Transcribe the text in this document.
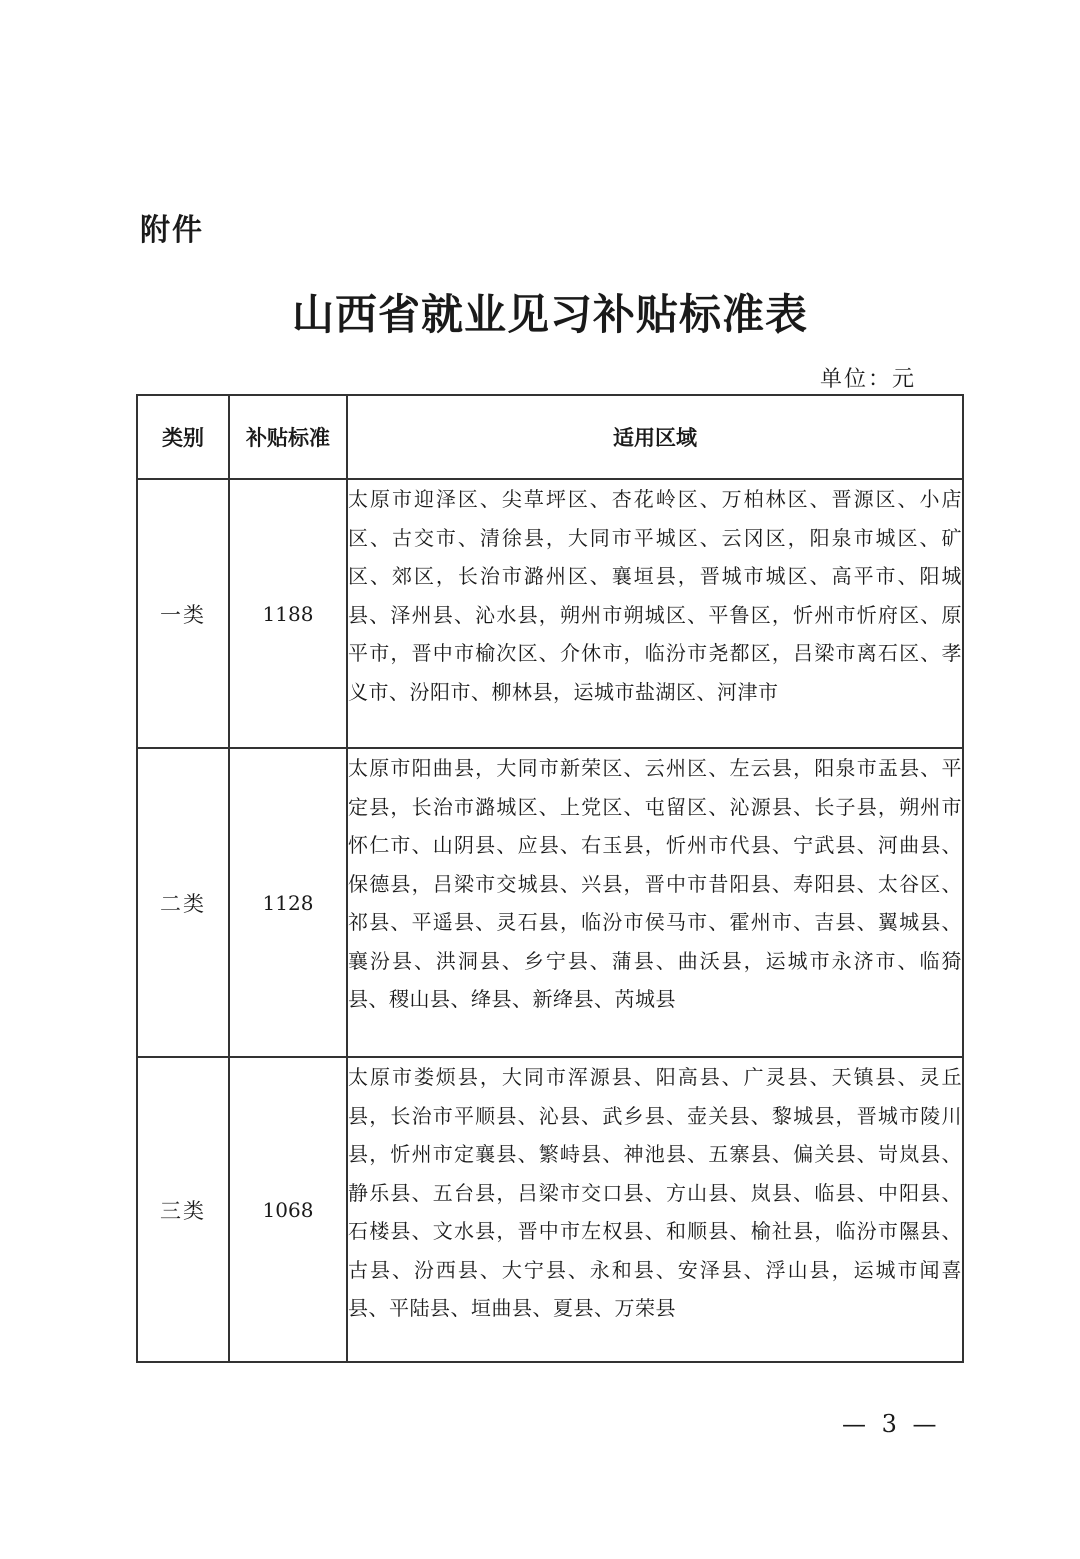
附件
山西省就业见习补贴标准表
单位：元
类别	补贴标准	适用区域
一类	1188	太原市迎泽区、尖草坪区、杏花岭区、万柏林区、晋源区、小店区、古交市、清徐县，大同市平城区、云冈区，阳泉市城区、矿区、郊区，长治市潞州区、襄垣县，晋城市城区、高平市、阳城县、泽州县、沁水县，朔州市朔城区、平鲁区，忻州市忻府区、原平市，晋中市榆次区、介休市，临汾市尧都区，吕梁市离石区、孝义市、汾阳市、柳林县，运城市盐湖区、河津市
二类	1128	太原市阳曲县，大同市新荣区、云州区、左云县，阳泉市盂县、平定县，长治市潞城区、上党区、屯留区、沁源县、长子县，朔州市怀仁市、山阴县、应县、右玉县，忻州市代县、宁武县、河曲县、保德县，吕梁市交城县、兴县，晋中市昔阳县、寿阳县、太谷区、祁县、平遥县、灵石县，临汾市侯马市、霍州市、吉县、翼城县、襄汾县、洪洞县、乡宁县、蒲县、曲沃县，运城市永济市、临猗县、稷山县、绛县、新绛县、芮城县
三类	1068	太原市娄烦县，大同市浑源县、阳高县、广灵县、天镇县、灵丘县，长治市平顺县、沁县、武乡县、壶关县、黎城县，晋城市陵川县，忻州市定襄县、繁峙县、神池县、五寨县、偏关县、岢岚县、静乐县、五台县，吕梁市交口县、方山县、岚县、临县、中阳县、石楼县、文水县，晋中市左权县、和顺县、榆社县，临汾市隰县、古县、汾西县、大宁县、永和县、安泽县、浮山县，运城市闻喜县、平陆县、垣曲县、夏县、万荣县
— 3 —
